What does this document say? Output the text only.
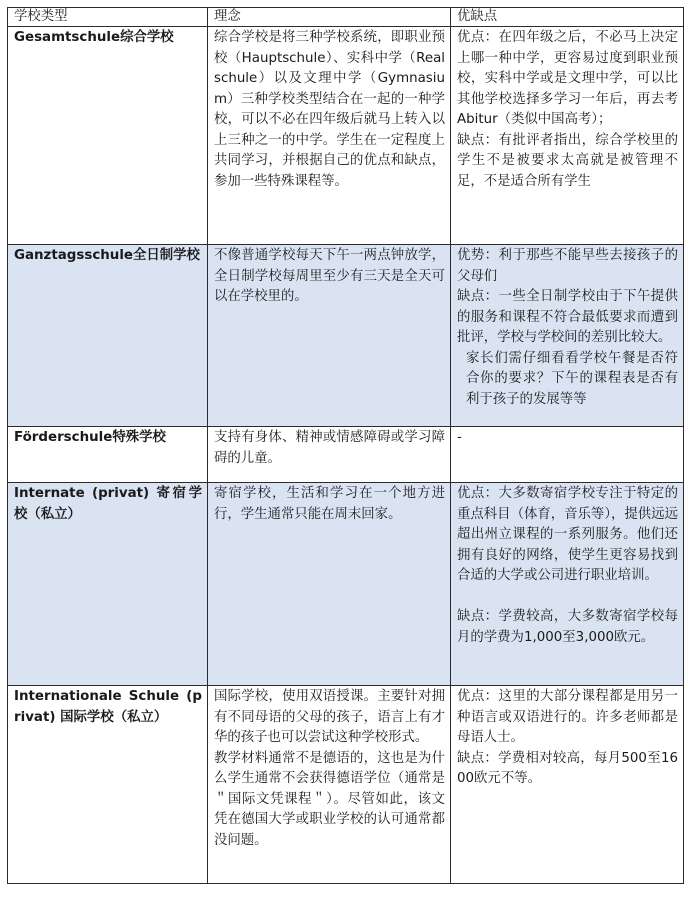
学校类型	理念	优缺点
Gesamtschule综合学校	综合学校是将三种学校系统，即职业预校（Hauptschule）、实科中学（Realschule）以及文理中学（Gymnasium）三种学校类型结合在一起的一种学校，可以不必在四年级后就马上转入以上三种之一的中学。学生在一定程度上共同学习，并根据自己的优点和缺点，参加一些特殊课程等。	优点：在四年级之后，不必马上决定上哪一种中学，更容易过度到职业预校，实科中学或是文理中学，可以比其他学校选择多学习一年后，再去考Abitur（类似中国高考）；
缺点：有批评者指出，综合学校里的学生不是被要求太高就是被管理不足，不是适合所有学生

Ganztagsschule全日制学校	不像普通学校每天下午一两点钟放学，全日制学校每周里至少有三天是全天可以在学校里的。	优势：利于那些不能早些去接孩子的父母们
缺点：一些全日制学校由于下午提供的服务和课程不符合最低要求而遭到批评，学校与学校间的差别比较大。
家长们需仔细看看学校午餐是否符合你的要求？下午的课程表是否有利于孩子的发展等等

Förderschule特殊学校	支持有身体、精神或情感障碍或学习障碍的儿童。	-

Internate (privat) 寄宿学校（私立）	寄宿学校，生活和学习在一个地方进行，学生通常只能在周末回家。	优点：大多数寄宿学校专注于特定的重点科目（体育，音乐等），提供远远超出州立课程的一系列服务。他们还拥有良好的网络，使学生更容易找到合适的大学或公司进行职业培训。
缺点：学费较高，大多数寄宿学校每月的学费为1,000至3,000欧元。

Internationale Schule (privat) 国际学校（私立）	国际学校，使用双语授课。主要针对拥有不同母语的父母的孩子，语言上有才华的孩子也可以尝试这种学校形式。
教学材料通常不是德语的，这也是为什么学生通常不会获得德语学位（通常是＂国际文凭课程＂）。尽管如此，该文凭在德国大学或职业学校的认可通常都没问题。	优点：这里的大部分课程都是用另一种语言或双语进行的。许多老师都是母语人士。
缺点：学费相对较高，每月500至1600欧元不等。
